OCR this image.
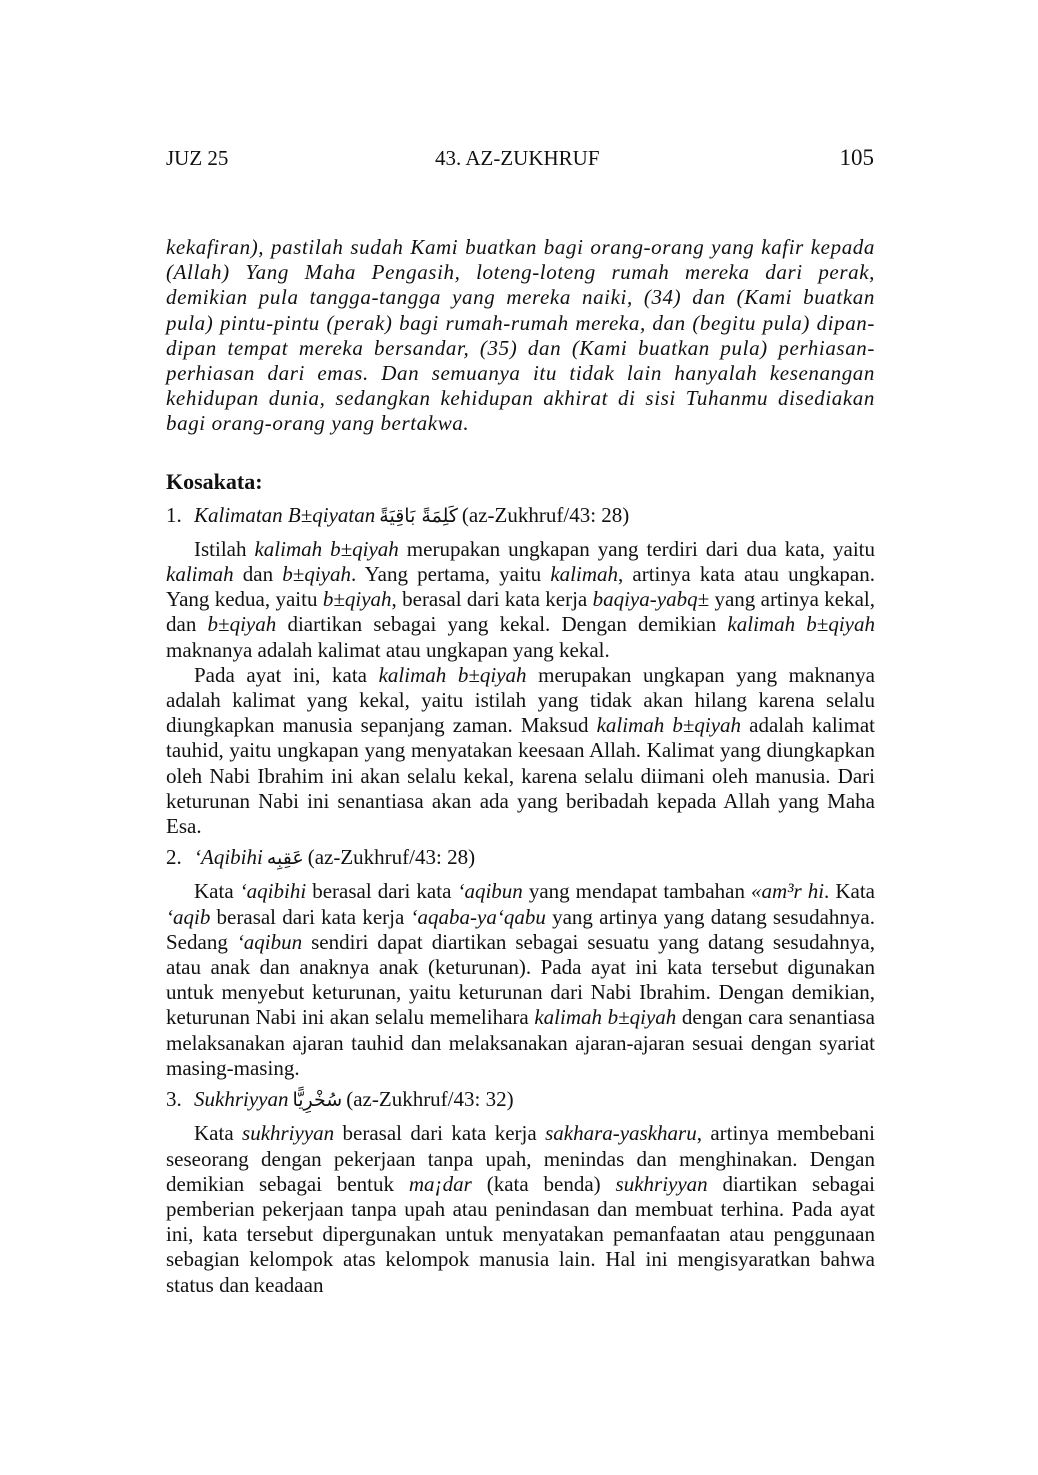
JUZ 25	43. AZ-ZUKHRUF	105

kekafiran), pastilah sudah Kami buatkan bagi orang-orang yang kafir kepada (Allah) Yang Maha Pengasih, loteng-loteng rumah mereka dari perak, demikian pula tangga-tangga yang mereka naiki, (34) dan (Kami buatkan pula) pintu-pintu (perak) bagi rumah-rumah mereka, dan (begitu pula) dipan-dipan tempat mereka bersandar, (35) dan (Kami buatkan pula) perhiasan-perhiasan dari emas. Dan semuanya itu tidak lain hanyalah kesenangan kehidupan dunia, sedangkan kehidupan akhirat di sisi Tuhanmu disediakan bagi orang-orang yang bertakwa.

Kosakata:
1. Kalimatan B±qiyatan كَلِمَةً بَاقِيَةً (az-Zukhruf/43: 28)

Istilah kalimah b±qiyah merupakan ungkapan yang terdiri dari dua kata, yaitu kalimah dan b±qiyah. Yang pertama, yaitu kalimah, artinya kata atau ungkapan. Yang kedua, yaitu b±qiyah, berasal dari kata kerja baqiya-yabq± yang artinya kekal, dan b±qiyah diartikan sebagai yang kekal. Dengan demikian kalimah b±qiyah maknanya adalah kalimat atau ungkapan yang kekal.

Pada ayat ini, kata kalimah b±qiyah merupakan ungkapan yang maknanya adalah kalimat yang kekal, yaitu istilah yang tidak akan hilang karena selalu diungkapkan manusia sepanjang zaman. Maksud kalimah b±qiyah adalah kalimat tauhid, yaitu ungkapan yang menyatakan keesaan Allah. Kalimat yang diungkapkan oleh Nabi Ibrahim ini akan selalu kekal, karena selalu diimani oleh manusia. Dari keturunan Nabi ini senantiasa akan ada yang beribadah kepada Allah yang Maha Esa.

2. ‘Aqibihi عَقِبِه (az-Zukhruf/43: 28)

Kata ‘aqibihi berasal dari kata ‘aqibun yang mendapat tambahan «am³r hi. Kata ‘aqib berasal dari kata kerja ‘aqaba-ya‘qabu yang artinya yang datang sesudahnya. Sedang ‘aqibun sendiri dapat diartikan sebagai sesuatu yang datang sesudahnya, atau anak dan anaknya anak (keturunan). Pada ayat ini kata tersebut digunakan untuk menyebut keturunan, yaitu keturunan dari Nabi Ibrahim. Dengan demikian, keturunan Nabi ini akan selalu memelihara kalimah b±qiyah dengan cara senantiasa melaksanakan ajaran tauhid dan melaksanakan ajaran-ajaran sesuai dengan syariat masing-masing.

3. Sukhriyyan سُخْرِيًّا (az-Zukhruf/43: 32)

Kata sukhriyyan berasal dari kata kerja sakhara-yaskharu, artinya membebani seseorang dengan pekerjaan tanpa upah, menindas dan menghinakan. Dengan demikian sebagai bentuk ma¡dar (kata benda) sukhriyyan diartikan sebagai pemberian pekerjaan tanpa upah atau penindasan dan membuat terhina. Pada ayat ini, kata tersebut dipergunakan untuk menyatakan pemanfaatan atau penggunaan sebagian kelompok atas kelompok manusia lain. Hal ini mengisyaratkan bahwa status dan keadaan
